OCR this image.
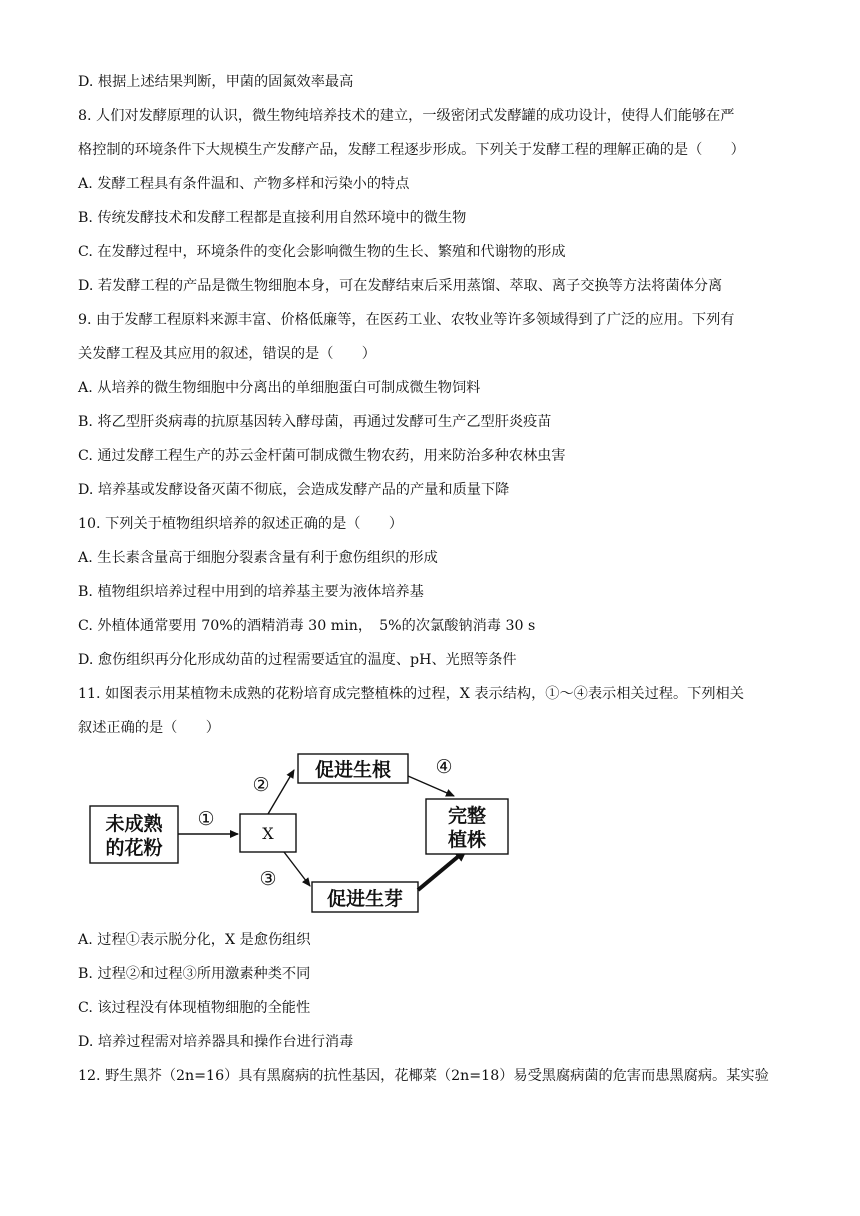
D. 根据上述结果判断，甲菌的固氮效率最高
8. 人们对发酵原理的认识，微生物纯培养技术的建立，一级密闭式发酵罐的成功设计，使得人们能够在严
格控制的环境条件下大规模生产发酵产品，发酵工程逐步形成。下列关于发酵工程的理解正确的是（　　）
A. 发酵工程具有条件温和、产物多样和污染小的特点
B. 传统发酵技术和发酵工程都是直接利用自然环境中的微生物
C. 在发酵过程中，环境条件的变化会影响微生物的生长、繁殖和代谢物的形成
D. 若发酵工程的产品是微生物细胞本身，可在发酵结束后采用蒸馏、萃取、离子交换等方法将菌体分离
9. 由于发酵工程原料来源丰富、价格低廉等，在医药工业、农牧业等许多领域得到了广泛的应用。下列有
关发酵工程及其应用的叙述，错误的是（　　）
A. 从培养的微生物细胞中分离出的单细胞蛋白可制成微生物饲料
B. 将乙型肝炎病毒的抗原基因转入酵母菌，再通过发酵可生产乙型肝炎疫苗
C. 通过发酵工程生产的苏云金杆菌可制成微生物农药，用来防治多种农林虫害
D. 培养基或发酵设备灭菌不彻底，会造成发酵产品的产量和质量下降
10. 下列关于植物组织培养的叙述正确的是（　　）
A. 生长素含量高于细胞分裂素含量有利于愈伤组织的形成
B. 植物组织培养过程中用到的培养基主要为液体培养基
C. 外植体通常要用 70%的酒精消毒 30 min，　5%的次氯酸钠消毒 30 s
D. 愈伤组织再分化形成幼苗的过程需要适宜的温度、pH、光照等条件
11. 如图表示用某植物未成熟的花粉培育成完整植株的过程，X 表示结构，①～④表示相关过程。下列相关
叙述正确的是（　　）
未成熟
的花粉
①
X
②
促进生根
③
促进生芽
④
完整
植株
A. 过程①表示脱分化，X 是愈伤组织
B. 过程②和过程③所用激素种类不同
C. 该过程没有体现植物细胞的全能性
D. 培养过程需对培养器具和操作台进行消毒
12. 野生黑芥（2n=16）具有黑腐病的抗性基因，花椰菜（2n=18）易受黑腐病菌的危害而患黑腐病。某实验
